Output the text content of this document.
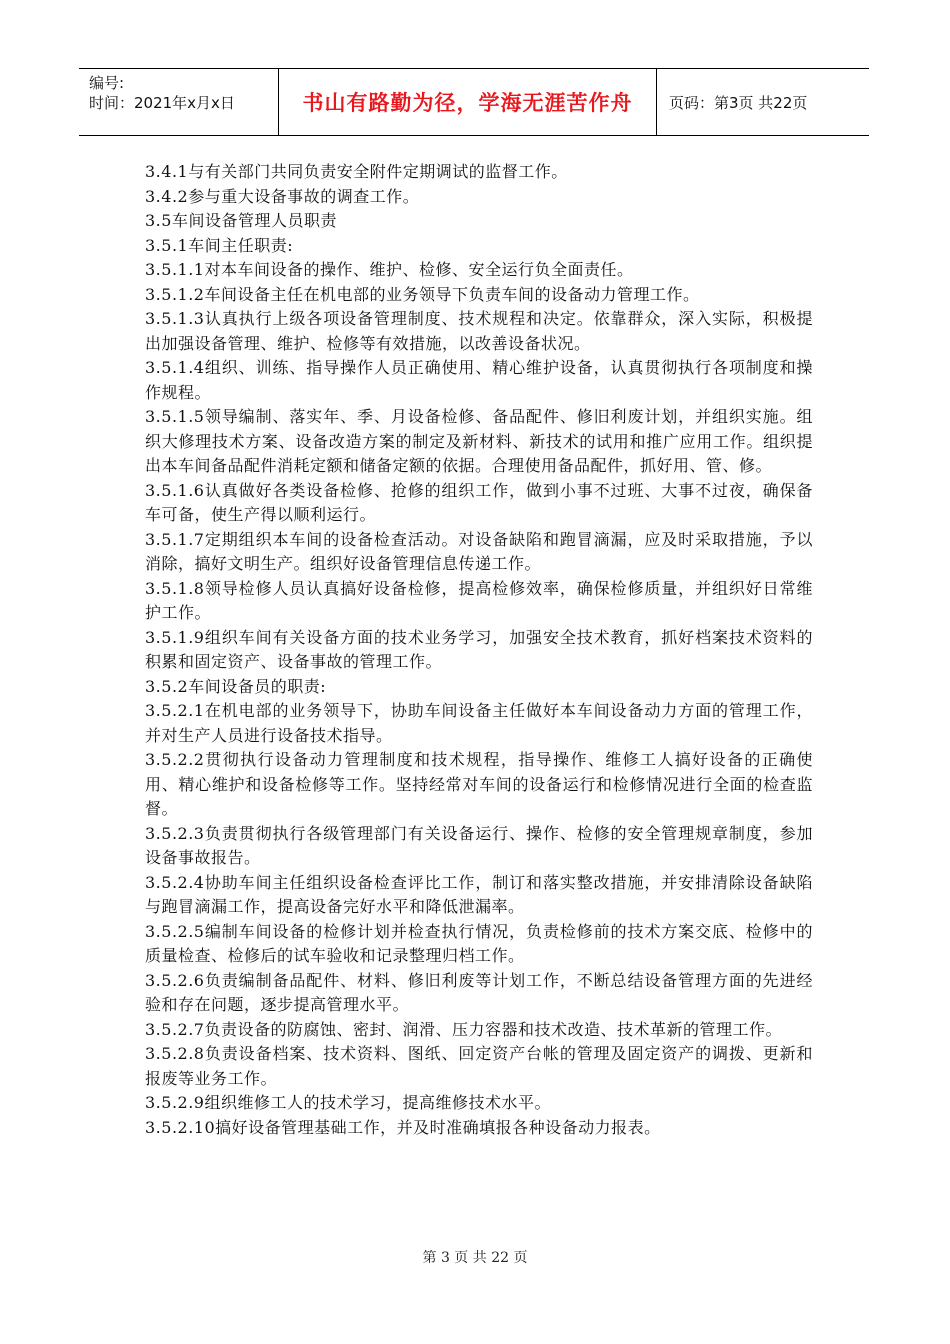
编号:
时间：2021年x月x日	书山有路勤为径，学海无涯苦作舟	页码：第3页 共22页

3.4.1与有关部门共同负责安全附件定期调试的监督工作。

3.4.2参与重大设备事故的调查工作。

3.5车间设备管理人员职责

3.5.1车间主任职责:

3.5.1.1对本车间设备的操作、维护、检修、安全运行负全面责任。

3.5.1.2车间设备主任在机电部的业务领导下负责车间的设备动力管理工作。

3.5.1.3认真执行上级各项设备管理制度、技术规程和决定。依靠群众，深入实际，积极提出加强设备管理、维护、检修等有效措施，以改善设备状况。

3.5.1.4组织、训练、指导操作人员正确使用、精心维护设备，认真贯彻执行各项制度和操作规程。

3.5.1.5领导编制、落实年、季、月设备检修、备品配件、修旧利废计划，并组织实施。组织大修理技术方案、设备改造方案的制定及新材料、新技术的试用和推广应用工作。组织提出本车间备品配件消耗定额和储备定额的依据。合理使用备品配件，抓好用、管、修。

3.5.1.6认真做好各类设备检修、抢修的组织工作，做到小事不过班、大事不过夜，确保备车可备，使生产得以顺利运行。

3.5.1.7定期组织本车间的设备检查活动。对设备缺陷和跑冒滴漏，应及时采取措施，予以消除，搞好文明生产。组织好设备管理信息传递工作。

3.5.1.8领导检修人员认真搞好设备检修，提高检修效率，确保检修质量，并组织好日常维护工作。

3.5.1.9组织车间有关设备方面的技术业务学习，加强安全技术教育，抓好档案技术资料的积累和固定资产、设备事故的管理工作。

3.5.2车间设备员的职责:

3.5.2.1在机电部的业务领导下，协助车间设备主任做好本车间设备动力方面的管理工作，并对生产人员进行设备技术指导。

3.5.2.2贯彻执行设备动力管理制度和技术规程，指导操作、维修工人搞好设备的正确使用、精心维护和设备检修等工作。坚持经常对车间的设备运行和检修情况进行全面的检查监督。

3.5.2.3负责贯彻执行各级管理部门有关设备运行、操作、检修的安全管理规章制度，参加设备事故报告。

3.5.2.4协助车间主任组织设备检查评比工作，制订和落实整改措施，并安排清除设备缺陷与跑冒滴漏工作，提高设备完好水平和降低泄漏率。

3.5.2.5编制车间设备的检修计划并检查执行情况，负责检修前的技术方案交底、检修中的质量检查、检修后的试车验收和记录整理归档工作。

3.5.2.6负责编制备品配件、材料、修旧利废等计划工作，不断总结设备管理方面的先进经验和存在问题，逐步提高管理水平。

3.5.2.7负责设备的防腐蚀、密封、润滑、压力容器和技术改造、技术革新的管理工作。

3.5.2.8负责设备档案、技术资料、图纸、回定资产台帐的管理及固定资产的调拨、更新和报废等业务工作。

3.5.2.9组织维修工人的技术学习，提高维修技术水平。

3.5.2.10搞好设备管理基础工作，并及时准确填报各种设备动力报表。

第 3 页 共 22 页
